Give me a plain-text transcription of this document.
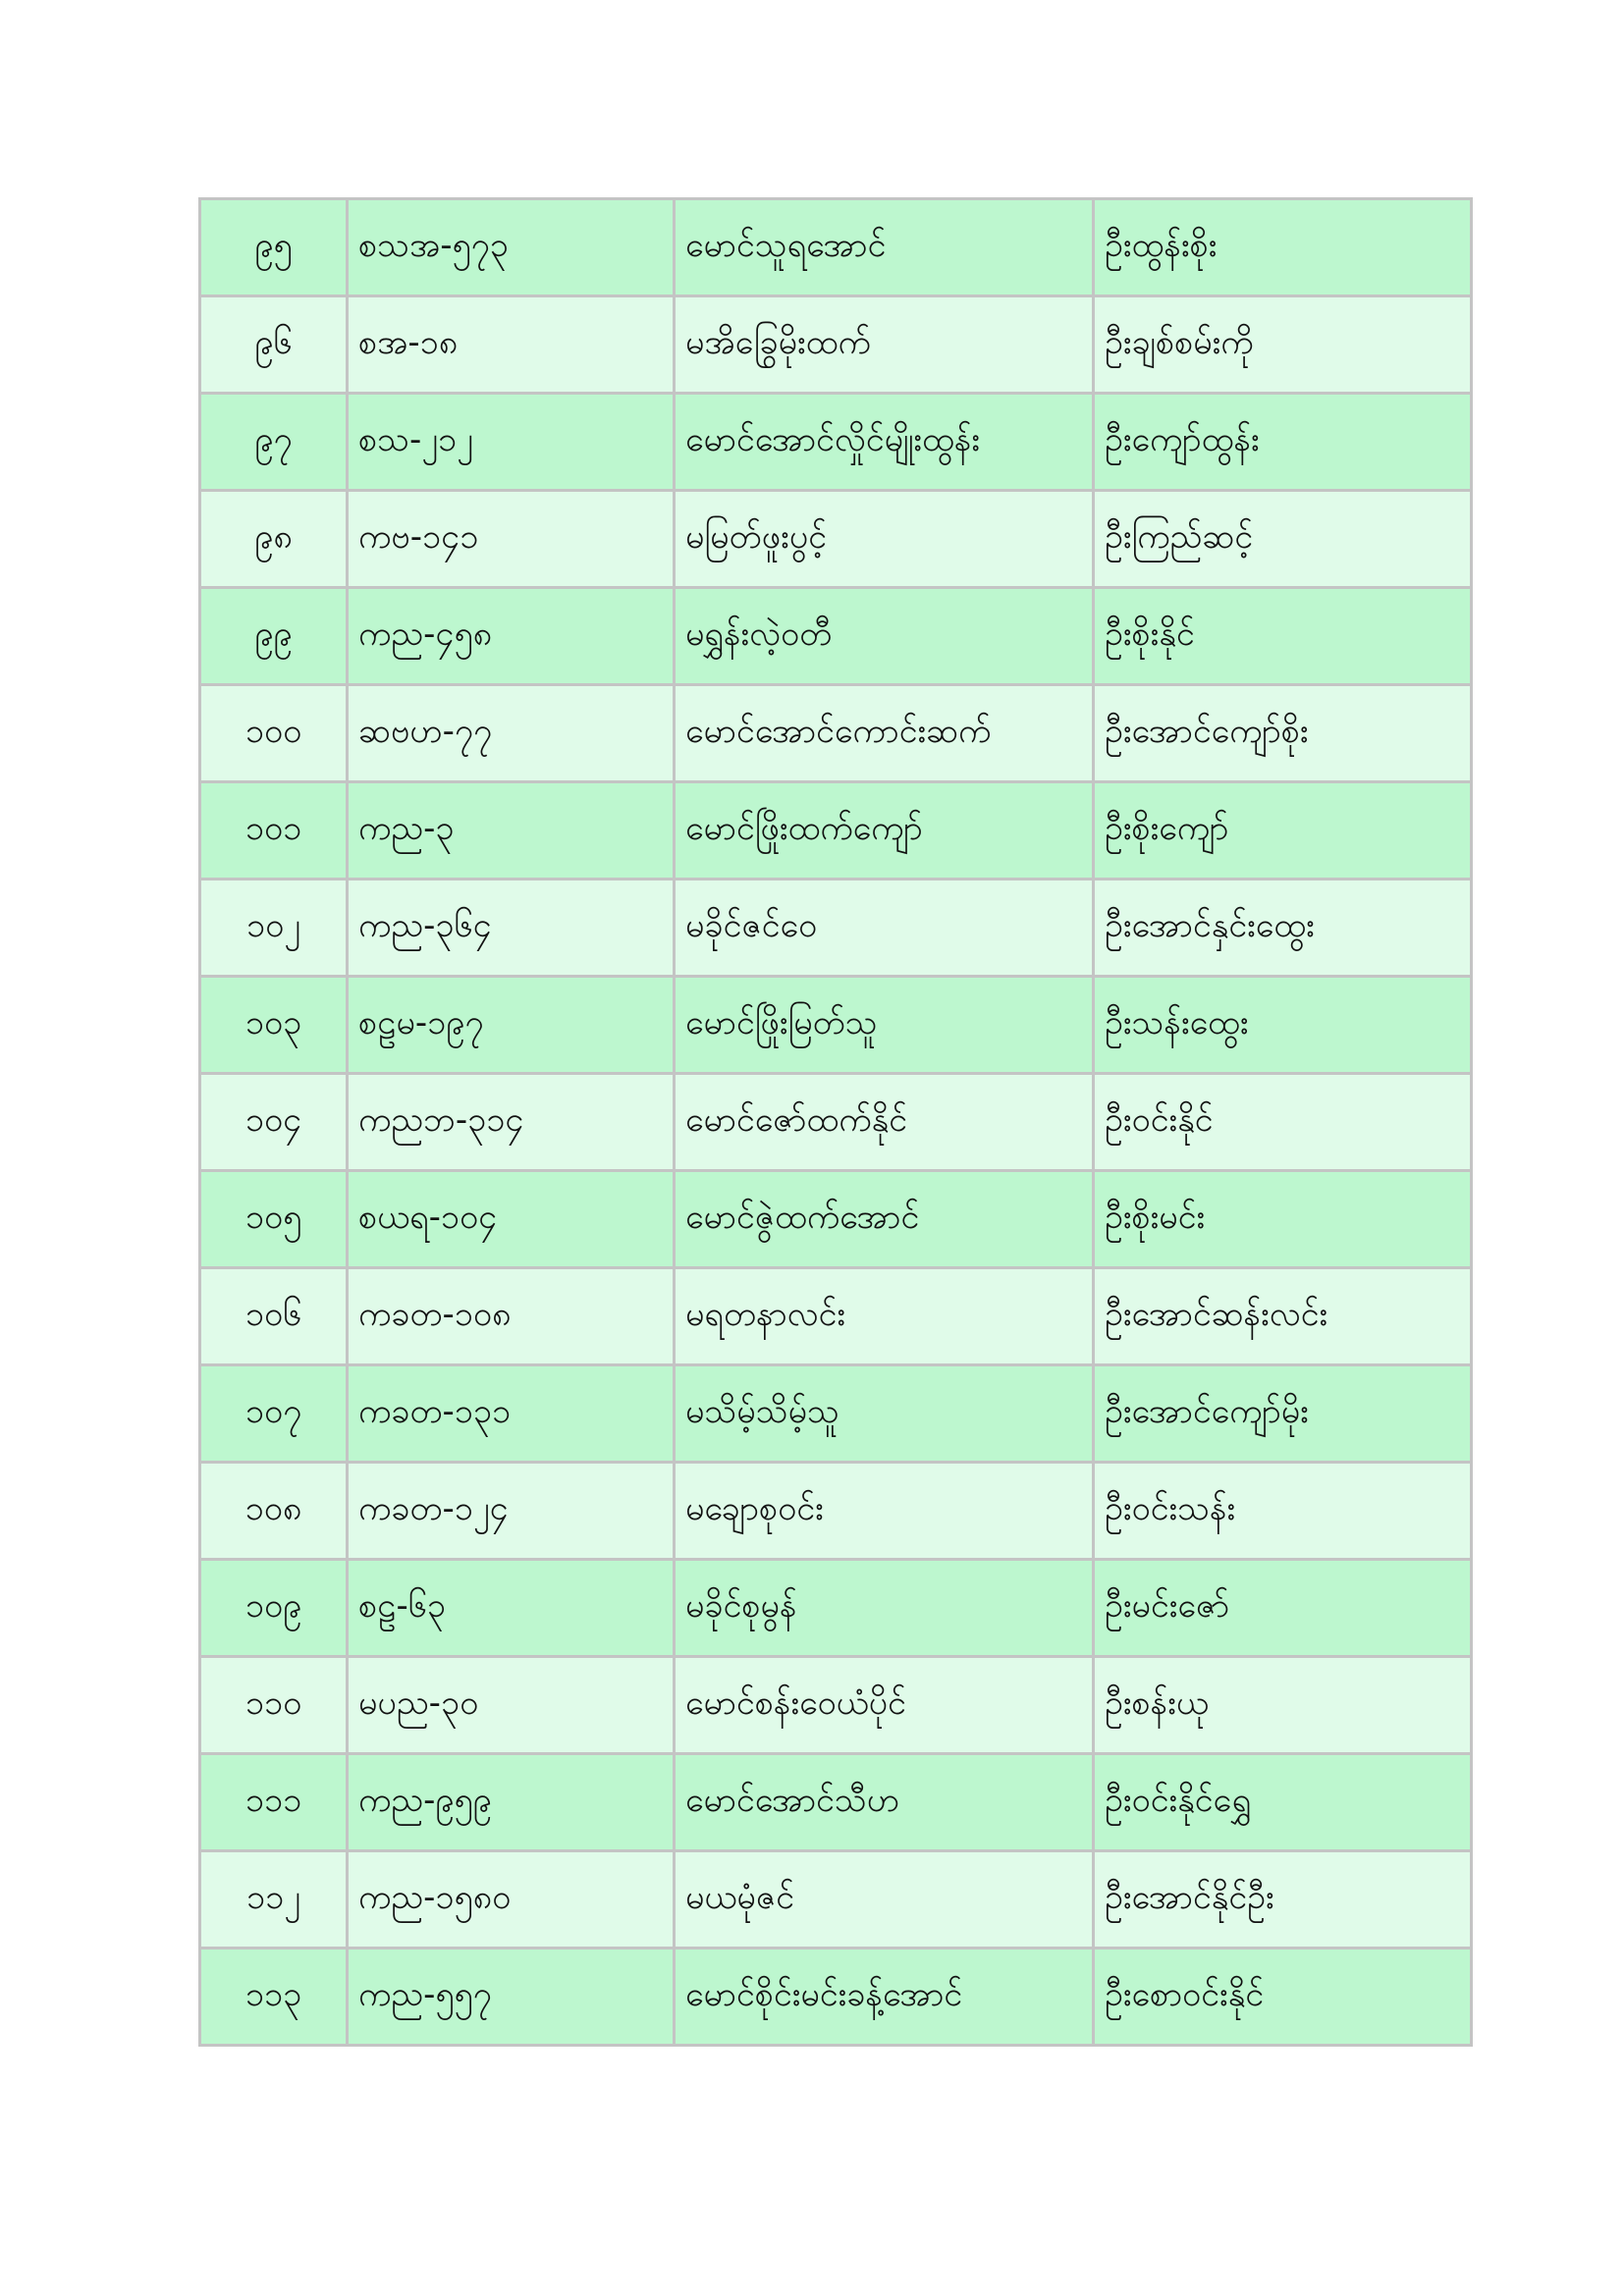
၉၅	စသအ-၅၇၃	မောင်သူရအောင်	ဦးထွန်းစိုး
၉၆	စအ-၁၈	မအိခြွေမိုးထက်	ဦးချစ်စမ်းကို
၉၇	စသ-၂၁၂	မောင်အောင်လှိုင်မျိုးထွန်း	ဦးကျော်ထွန်း
၉၈	ကဗ-၁၄၁	မမြတ်ဖူးပွင့်	ဦးကြည်ဆင့်
၉၉	ကည-၄၅၈	မရွှန်းလဲ့ဝတီ	ဦးစိုးနိုင်
၁၀၀	ဆဗဟ-၇၇	မောင်အောင်ကောင်းဆက်	ဦးအောင်ကျော်စိုး
၁၀၁	ကည-၃	မောင်ဖြိုးထက်ကျော်	ဦးစိုးကျော်
၁၀၂	ကည-၃၆၄	မခိုင်ဇင်ဝေ	ဦးအောင်နှင်းထွေး
၁၀၃	စဠမ-၁၉၇	မောင်ဖြိုးမြတ်သူ	ဦးသန်းထွေး
၁၀၄	ကညဘ-၃၁၄	မောင်ဇော်ထက်နိုင်	ဦးဝင်းနိုင်
၁၀၅	စယရ-၁၀၄	မောင်ဇွဲထက်အောင်	ဦးစိုးမင်း
၁၀၆	ကခတ-၁၀၈	မရတနာလင်း	ဦးအောင်ဆန်းလင်း
၁၀၇	ကခတ-၁၃၁	မသိမ့်သိမ့်သူ	ဦးအောင်ကျော်မိုး
၁၀၈	ကခတ-၁၂၄	မချောစုဝင်း	ဦးဝင်းသန်း
၁၀၉	စဠ-၆၃	မခိုင်စုမွန်	ဦးမင်းဇော်
၁၁၀	မပည-၃၀	မောင်စန်းဝေယံပိုင်	ဦးစန်းယု
၁၁၁	ကည-၉၅၉	မောင်အောင်သီဟ	ဦးဝင်းနိုင်ရွှေ
၁၁၂	ကည-၁၅၈၀	မယမုံဇင်	ဦးအောင်နိုင်ဦး
၁၁၃	ကည-၅၅၇	မောင်စိုင်းမင်းခန့်အောင်	ဦးစောဝင်းနိုင်
